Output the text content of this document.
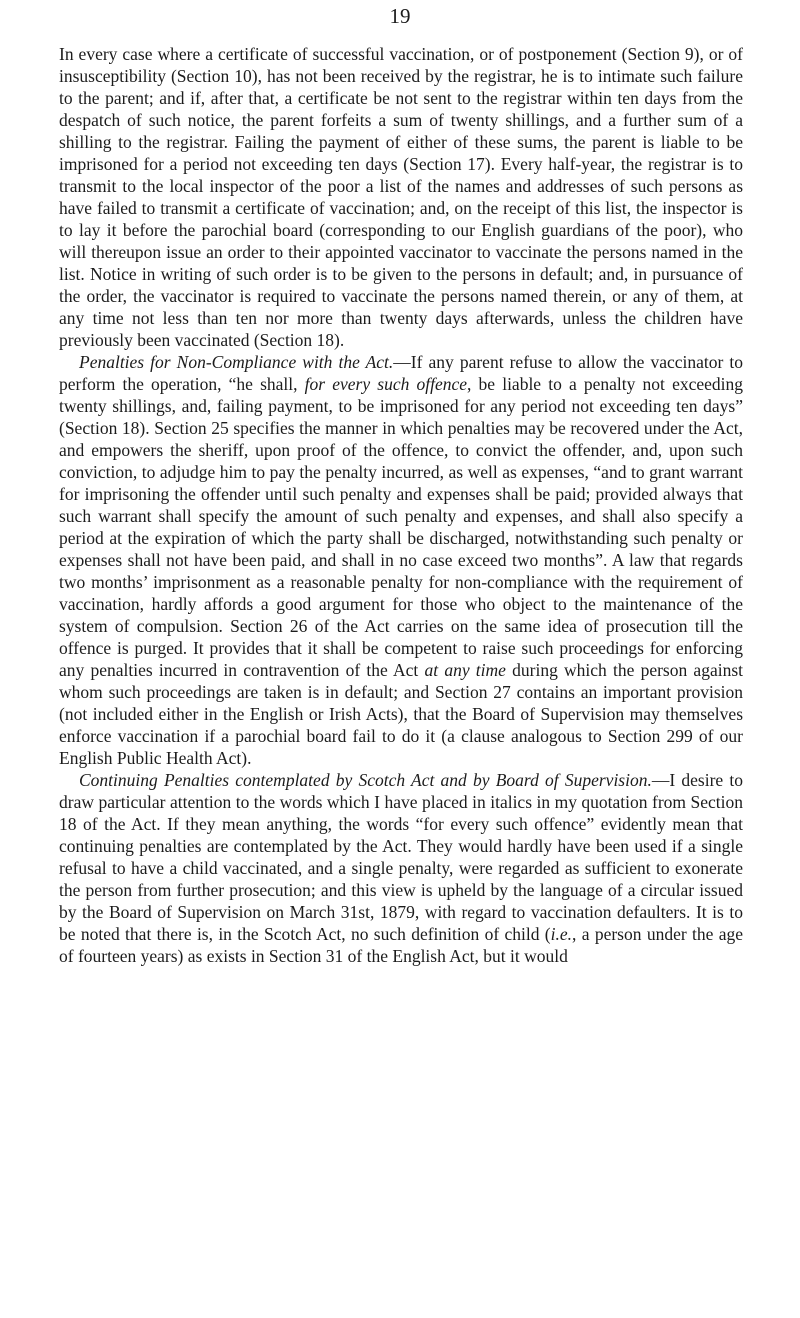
19

In every case where a certificate of successful vaccination, or of postponement (Section 9), or of insusceptibility (Section 10), has not been received by the registrar, he is to intimate such failure to the parent; and if, after that, a certificate be not sent to the registrar within ten days from the despatch of such notice, the parent forfeits a sum of twenty shillings, and a further sum of a shilling to the registrar. Failing the payment of either of these sums, the parent is liable to be imprisoned for a period not exceeding ten days (Section 17). Every half-year, the registrar is to transmit to the local inspector of the poor a list of the names and addresses of such persons as have failed to transmit a certificate of vaccination; and, on the receipt of this list, the inspector is to lay it before the parochial board (corresponding to our English guardians of the poor), who will thereupon issue an order to their appointed vaccinator to vaccinate the persons named in the list. Notice in writing of such order is to be given to the persons in default; and, in pursuance of the order, the vaccinator is required to vaccinate the persons named therein, or any of them, at any time not less than ten nor more than twenty days afterwards, unless the children have previously been vaccinated (Section 18).

Penalties for Non-Compliance with the Act.—If any parent refuse to allow the vaccinator to perform the operation, “he shall, for every such offence, be liable to a penalty not exceeding twenty shillings, and, failing payment, to be imprisoned for any period not exceeding ten days” (Section 18). Section 25 specifies the manner in which penalties may be recovered under the Act, and empowers the sheriff, upon proof of the offence, to convict the offender, and, upon such conviction, to adjudge him to pay the penalty incurred, as well as expenses, “and to grant warrant for imprisoning the offender until such penalty and expenses shall be paid; provided always that such warrant shall specify the amount of such penalty and expenses, and shall also specify a period at the expiration of which the party shall be discharged, notwithstanding such penalty or expenses shall not have been paid, and shall in no case exceed two months”. A law that regards two months’ imprisonment as a reasonable penalty for non-compliance with the requirement of vaccination, hardly affords a good argument for those who object to the maintenance of the system of compulsion. Section 26 of the Act carries on the same idea of prosecution till the offence is purged. It provides that it shall be competent to raise such proceedings for enforcing any penalties incurred in contravention of the Act at any time during which the person against whom such proceedings are taken is in default; and Section 27 contains an important provision (not included either in the English or Irish Acts), that the Board of Supervision may themselves enforce vaccination if a parochial board fail to do it (a clause analogous to Section 299 of our English Public Health Act).

Continuing Penalties contemplated by Scotch Act and by Board of Supervision.—I desire to draw particular attention to the words which I have placed in italics in my quotation from Section 18 of the Act. If they mean anything, the words “for every such offence” evidently mean that continuing penalties are contemplated by the Act. They would hardly have been used if a single refusal to have a child vaccinated, and a single penalty, were regarded as sufficient to exonerate the person from further prosecution; and this view is upheld by the language of a circular issued by the Board of Supervision on March 31st, 1879, with regard to vaccination defaulters. It is to be noted that there is, in the Scotch Act, no such definition of child (i.e., a person under the age of fourteen years) as exists in Section 31 of the English Act, but it would
